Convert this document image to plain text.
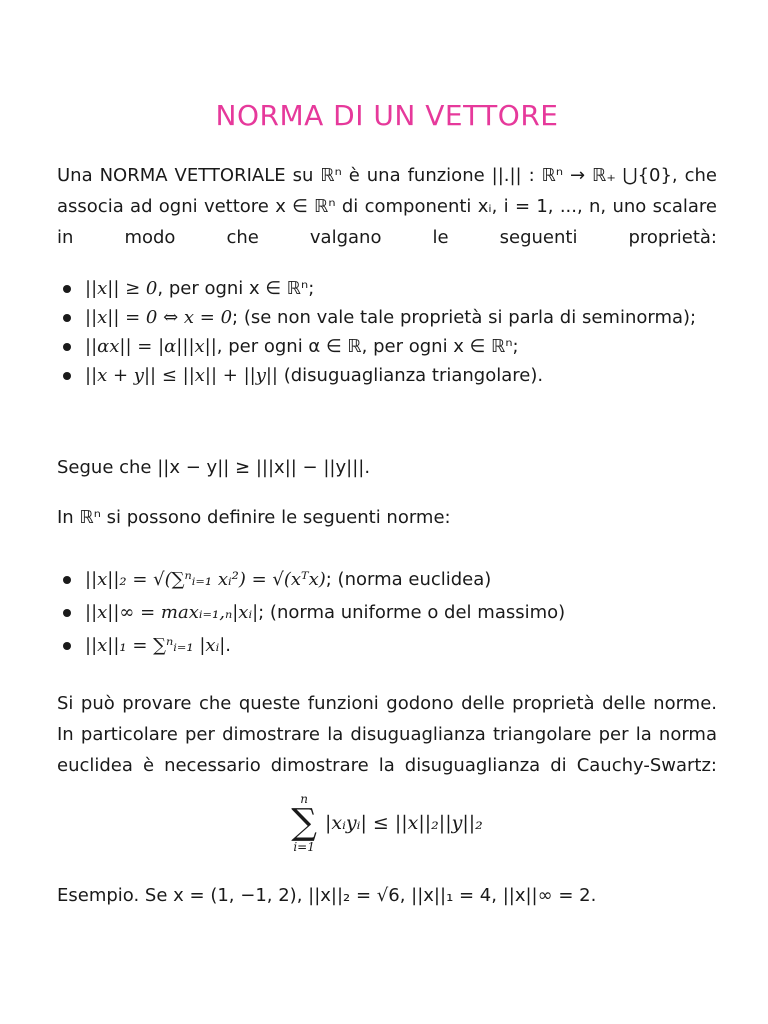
NORMA DI UN VETTORE
Una NORMA VETTORIALE su ℝⁿ è una funzione ||.|| : ℝⁿ → ℝ₊ ⋃{0}, che associa ad ogni vettore x ∈ ℝⁿ di componenti xᵢ, i = 1, ..., n, uno scalare in modo che valgano le seguenti proprietà:
||x|| ≥ 0, per ogni x ∈ ℝⁿ;
||x|| = 0 ⇔ x = 0; (se non vale tale proprietà si parla di seminorma);
||αx|| = |α|||x||, per ogni α ∈ ℝ, per ogni x ∈ ℝⁿ;
||x + y|| ≤ ||x|| + ||y|| (disuguaglianza triangolare).
Segue che ||x − y|| ≥ |||x|| − ||y|||.
In ℝⁿ si possono definire le seguenti norme:
||x||₂ = √(∑ⁿᵢ₌₁ xᵢ²) = √(xᵀx); (norma euclidea)
||x||∞ = maxᵢ₌₁,ₙ|xᵢ|; (norma uniforme o del massimo)
||x||₁ = ∑ⁿᵢ₌₁ |xᵢ|.
Si può provare che queste funzioni godono delle proprietà delle norme. In particolare per dimostrare la disuguaglianza triangolare per la norma euclidea è necessario dimostrare la disuguaglianza di Cauchy-Swartz:
n
∑
i=1
|xᵢyᵢ| ≤ ||x||₂||y||₂
Esempio. Se x = (1, −1, 2), ||x||₂ = √6, ||x||₁ = 4, ||x||∞ = 2.
